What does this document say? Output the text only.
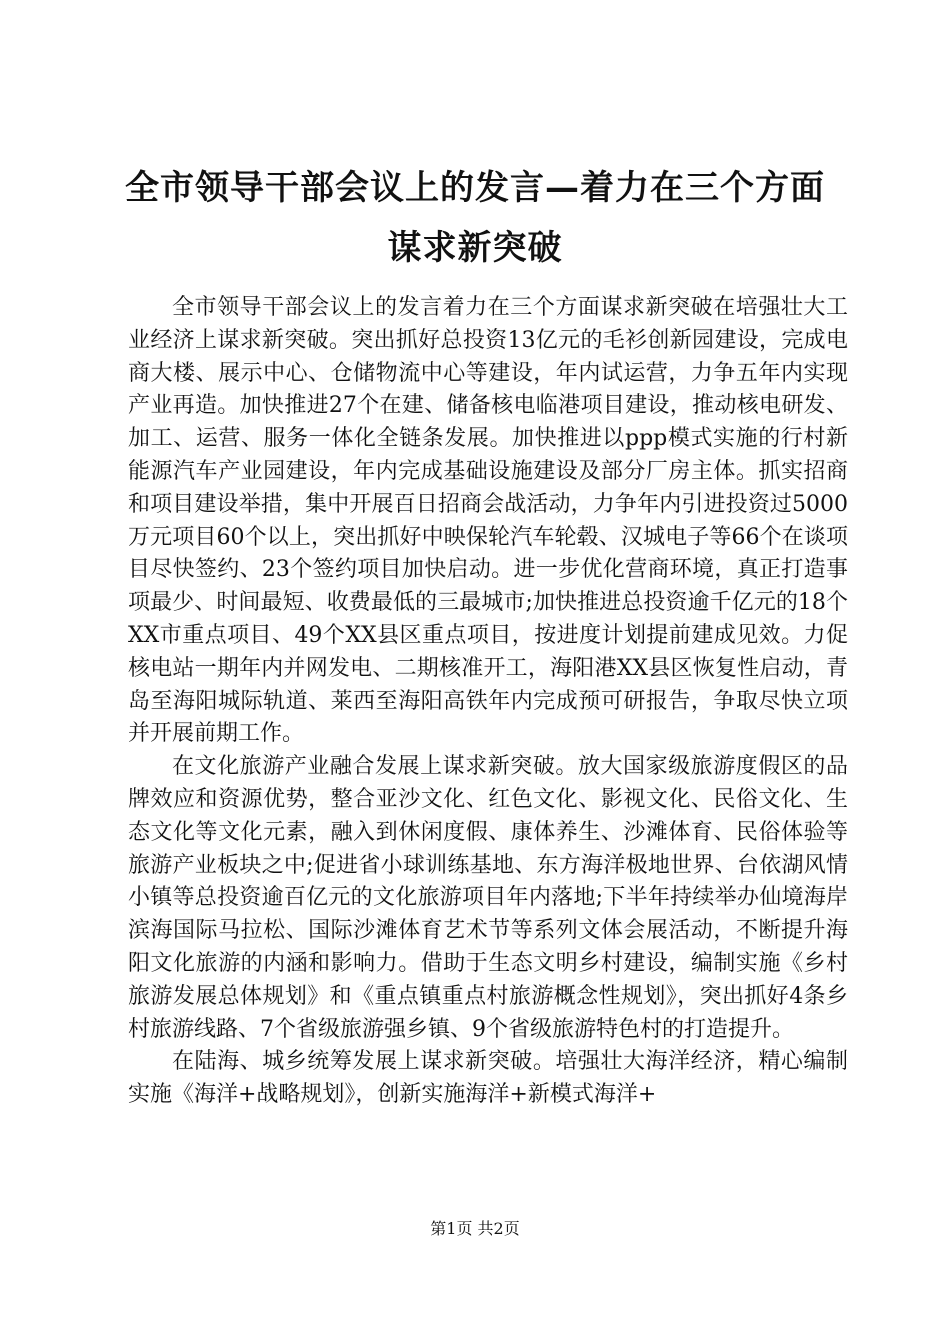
全市领导干部会议上的发言—着力在三个方面谋求新突破

全市领导干部会议上的发言着力在三个方面谋求新突破在培强壮大工业经济上谋求新突破。突出抓好总投资13亿元的毛衫创新园建设，完成电商大楼、展示中心、仓储物流中心等建设，年内试运营，力争五年内实现产业再造。加快推进27个在建、储备核电临港项目建设，推动核电研发、加工、运营、服务一体化全链条发展。加快推进以ppp模式实施的行村新能源汽车产业园建设，年内完成基础设施建设及部分厂房主体。抓实招商和项目建设举措，集中开展百日招商会战活动，力争年内引进投资过5000万元项目60个以上，突出抓好中映保轮汽车轮毂、汉城电子等66个在谈项目尽快签约、23个签约项目加快启动。进一步优化营商环境，真正打造事项最少、时间最短、收费最低的三最城市;加快推进总投资逾千亿元的18个XX市重点项目、49个XX县区重点项目，按进度计划提前建成见效。力促核电站一期年内并网发电、二期核准开工，海阳港XX县区恢复性启动，青岛至海阳城际轨道、莱西至海阳高铁年内完成预可研报告，争取尽快立项并开展前期工作。

在文化旅游产业融合发展上谋求新突破。放大国家级旅游度假区的品牌效应和资源优势，整合亚沙文化、红色文化、影视文化、民俗文化、生态文化等文化元素，融入到休闲度假、康体养生、沙滩体育、民俗体验等旅游产业板块之中;促进省小球训练基地、东方海洋极地世界、台依湖风情小镇等总投资逾百亿元的文化旅游项目年内落地;下半年持续举办仙境海岸滨海国际马拉松、国际沙滩体育艺术节等系列文体会展活动，不断提升海阳文化旅游的内涵和影响力。借助于生态文明乡村建设，编制实施《乡村旅游发展总体规划》和《重点镇重点村旅游概念性规划》，突出抓好4条乡村旅游线路、7个省级旅游强乡镇、9个省级旅游特色村的打造提升。

在陆海、城乡统筹发展上谋求新突破。培强壮大海洋经济，精心编制实施《海洋+战略规划》，创新实施海洋+新模式海洋+

第1页 共2页
